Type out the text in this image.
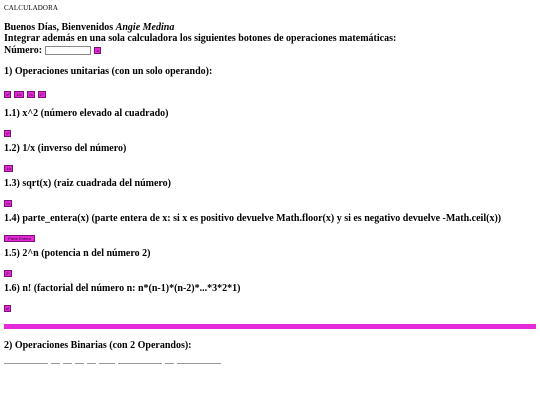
CALCULADORA
Buenos Días, Bienvenidos Angie Medina
Integrar además en una sola calculadora los siguientes botones de operaciones matemáticas:
Número:	=
1) Operaciones unitarias (con un solo operando):
x² 1/x √x 2ⁿ
1.1) x^2 (número elevado al cuadrado)
x²
1.2) 1/x (inverso del número)
1/x
1.3) sqrt(x) (raiz cuadrada del número)
√x
1.4) parte_entera(x) (parte entera de x: si x es positivo devuelve Math.floor(x) y si es negativo devuelve -Math.ceil(x))
Parte Entera
1.5) 2^n (potencia n del número 2)
2ⁿ
1.6) n! (factorial del número n: n*(n-1)*(n-2)*...*3*2*1)
n!
2) Operaciones Binarias (con 2 Operandos):
